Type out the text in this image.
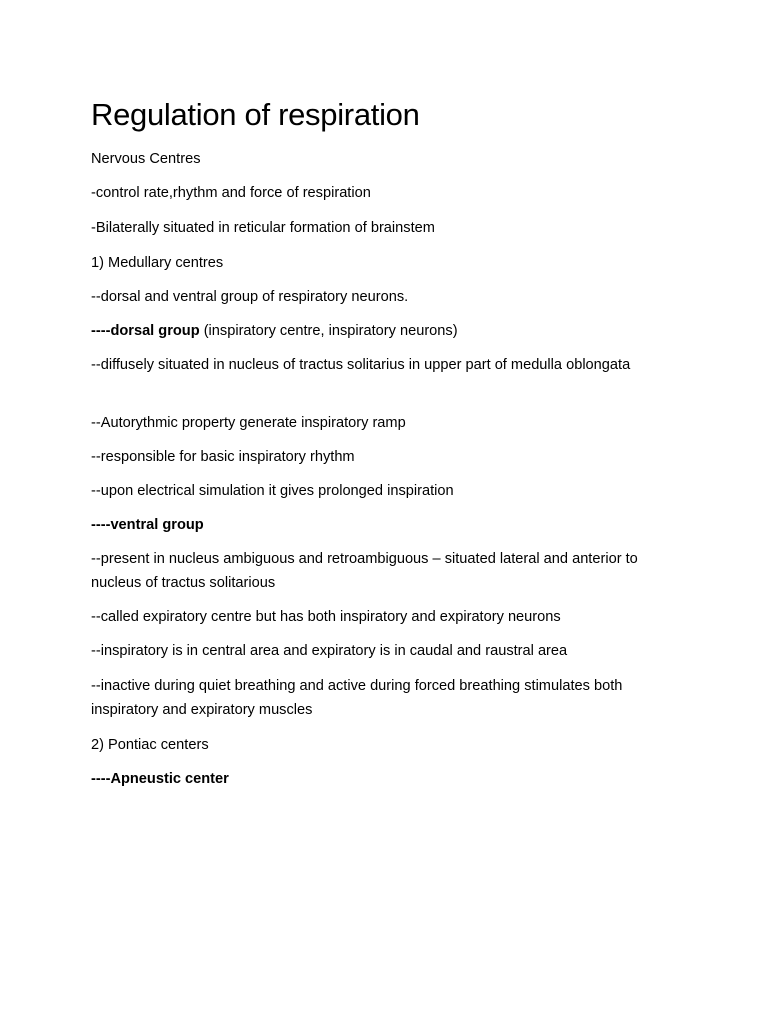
Regulation of respiration

Nervous Centres

-control rate,rhythm and force of respiration

-Bilaterally situated in reticular formation of brainstem

1) Medullary centres

--dorsal and ventral group of respiratory neurons.

----dorsal group (inspiratory centre, inspiratory neurons)

--diffusely situated in nucleus of tractus solitarius in upper part of medulla oblongata

--Autorythmic property generate inspiratory ramp

--responsible for basic inspiratory rhythm

--upon electrical simulation it gives prolonged inspiration

----ventral group

--present in nucleus ambiguous and retroambiguous – situated lateral and anterior to nucleus of tractus solitarious

--called expiratory centre but has both inspiratory and expiratory neurons

--inspiratory is in central area and expiratory is in caudal and raustral area

--inactive during quiet breathing and active during forced breathing stimulates both inspiratory and expiratory muscles

2) Pontiac centers

----Apneustic center
